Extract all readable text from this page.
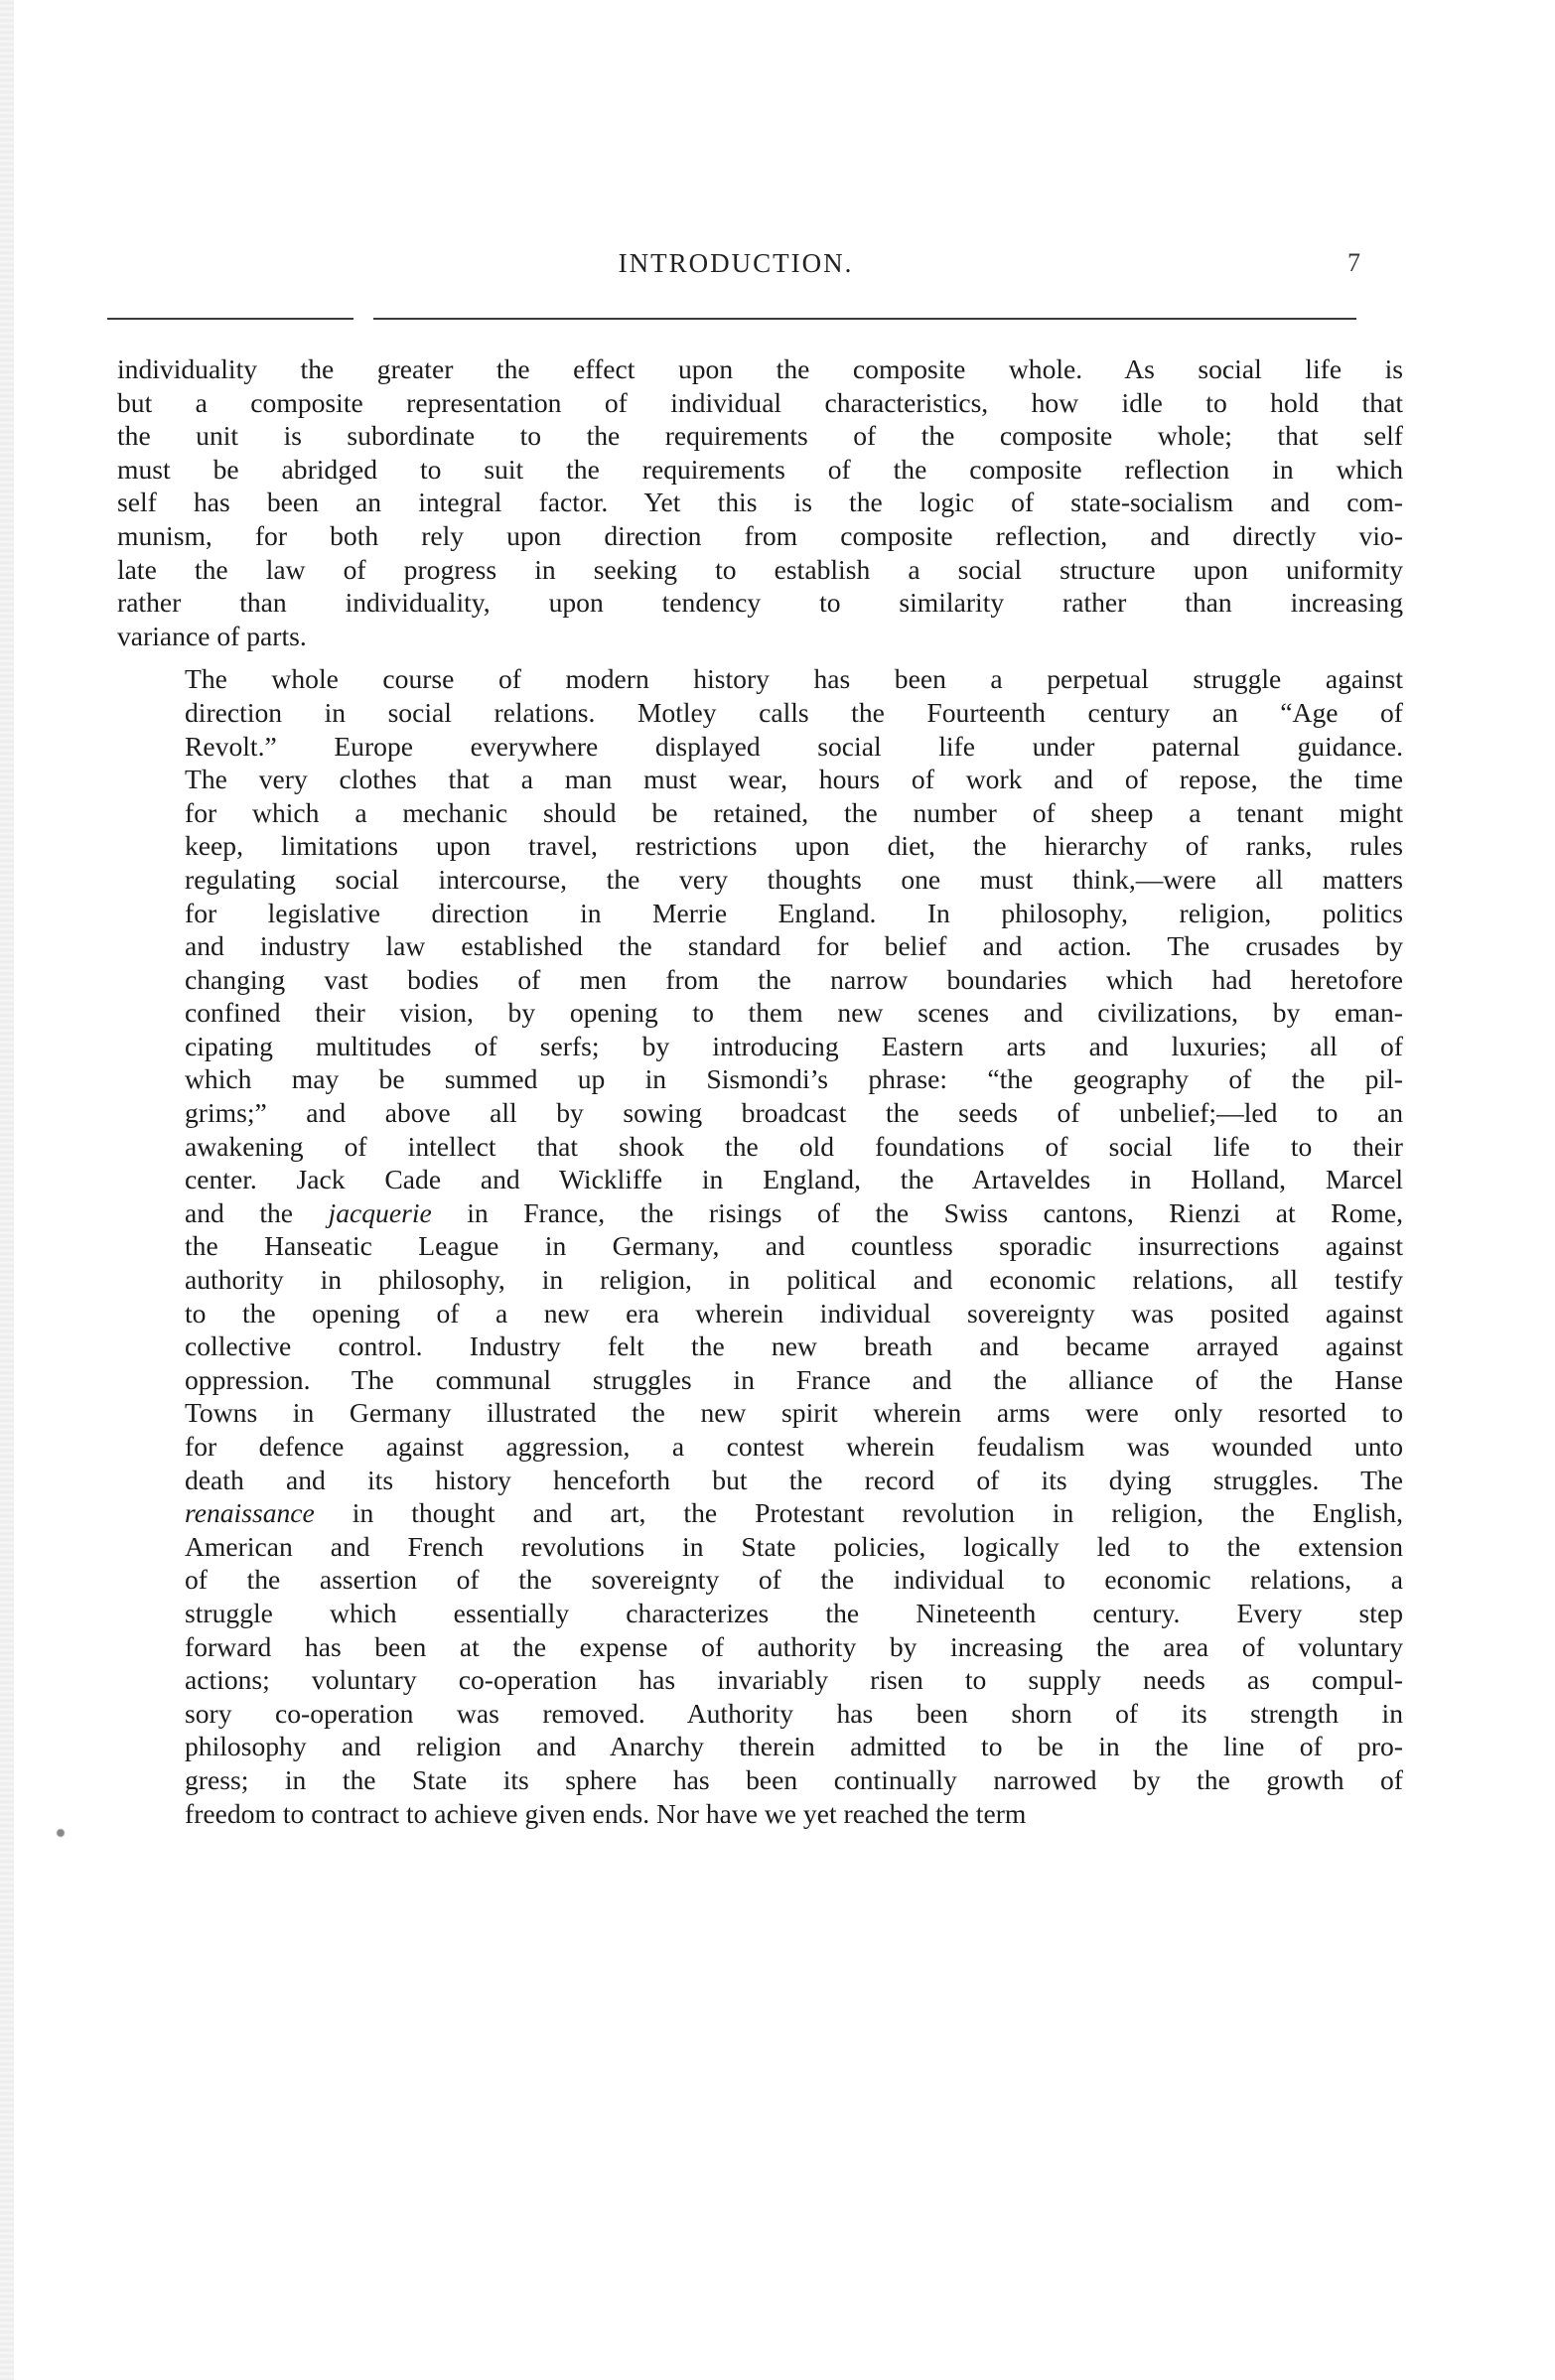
INTRODUCTION.	7

individuality the greater the effect upon the composite whole. As social life is
but a composite representation of individual characteristics, how idle to hold that
the unit is subordinate to the requirements of the composite whole; that self
must be abridged to suit the requirements of the composite reflection in which
self has been an integral factor. Yet this is the logic of state-socialism and com-
munism, for both rely upon direction from composite reflection, and directly vio-
late the law of progress in seeking to establish a social structure upon uniformity
rather than individuality, upon tendency to similarity rather than increasing
variance of parts.

The whole course of modern history has been a perpetual struggle against
direction in social relations. Motley calls the Fourteenth century an “Age of
Revolt.” Europe everywhere displayed social life under paternal guidance.
The very clothes that a man must wear, hours of work and of repose, the time
for which a mechanic should be retained, the number of sheep a tenant might
keep, limitations upon travel, restrictions upon diet, the hierarchy of ranks, rules
regulating social intercourse, the very thoughts one must think,—were all matters
for legislative direction in Merrie England. In philosophy, religion, politics
and industry law established the standard for belief and action. The crusades by
changing vast bodies of men from the narrow boundaries which had heretofore
confined their vision, by opening to them new scenes and civilizations, by eman-
cipating multitudes of serfs; by introducing Eastern arts and luxuries; all of
which may be summed up in Sismondi’s phrase: “the geography of the pil-
grims;” and above all by sowing broadcast the seeds of unbelief;—led to an
awakening of intellect that shook the old foundations of social life to their
center. Jack Cade and Wickliffe in England, the Artaveldes in Holland, Marcel
and the jacquerie in France, the risings of the Swiss cantons, Rienzi at Rome,
the Hanseatic League in Germany, and countless sporadic insurrections against
authority in philosophy, in religion, in political and economic relations, all testify
to the opening of a new era wherein individual sovereignty was posited against
collective control. Industry felt the new breath and became arrayed against
oppression. The communal struggles in France and the alliance of the Hanse
Towns in Germany illustrated the new spirit wherein arms were only resorted to
for defence against aggression, a contest wherein feudalism was wounded unto
death and its history henceforth but the record of its dying struggles. The
renaissance in thought and art, the Protestant revolution in religion, the English,
American and French revolutions in State policies, logically led to the extension
of the assertion of the sovereignty of the individual to economic relations, a
struggle which essentially characterizes the Nineteenth century. Every step
forward has been at the expense of authority by increasing the area of voluntary
actions; voluntary co-operation has invariably risen to supply needs as compul-
sory co-operation was removed. Authority has been shorn of its strength in
philosophy and religion and Anarchy therein admitted to be in the line of pro-
gress; in the State its sphere has been continually narrowed by the growth of
freedom to contract to achieve given ends. Nor have we yet reached the term
